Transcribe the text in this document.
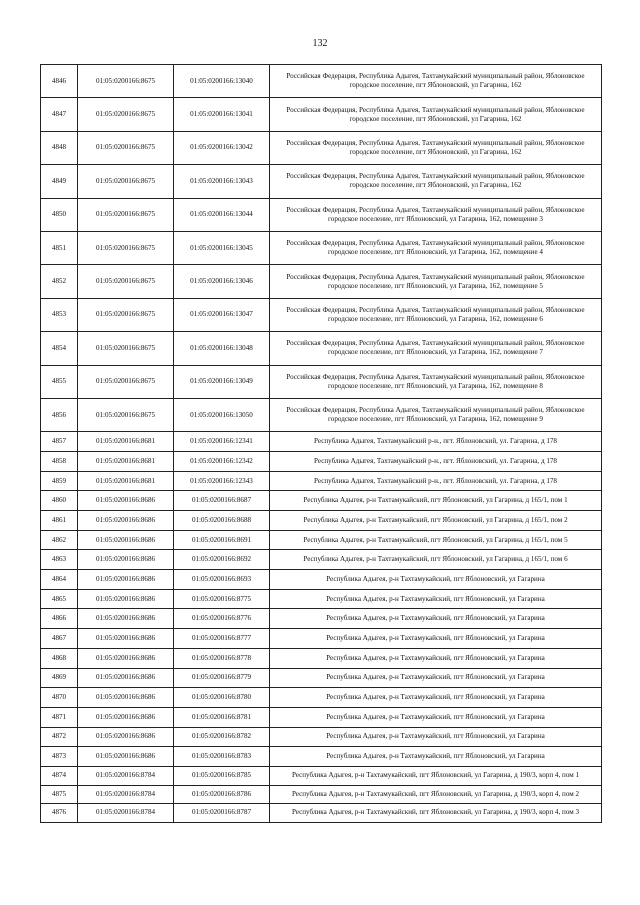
132
4846	01:05:0200166:8675	01:05:0200166:13040	Российская Федерация, Республика Адыгея, Тахтамукайский муниципальный район, Яблоновское городское поселение, пгт Яблоновский, ул Гагарина, 162
4847	01:05:0200166:8675	01:05:0200166:13041	Российская Федерация, Республика Адыгея, Тахтамукайский муниципальный район, Яблоновское городское поселение, пгт Яблоновский, ул Гагарина, 162
4848	01:05:0200166:8675	01:05:0200166:13042	Российская Федерация, Республика Адыгея, Тахтамукайский муниципальный район, Яблоновское городское поселение, пгт Яблоновский, ул Гагарина, 162
4849	01:05:0200166:8675	01:05:0200166:13043	Российская Федерация, Республика Адыгея, Тахтамукайский муниципальный район, Яблоновское городское поселение, пгт Яблоновский, ул Гагарина, 162
4850	01:05:0200166:8675	01:05:0200166:13044	Российская Федерация, Республика Адыгея, Тахтамукайский муниципальный район, Яблоновское городское поселение, пгт Яблоновский, ул Гагарина, 162, помещение 3
4851	01:05:0200166:8675	01:05:0200166:13045	Российская Федерация, Республика Адыгея, Тахтамукайский муниципальный район, Яблоновское городское поселение, пгт Яблоновский, ул Гагарина, 162, помещение 4
4852	01:05:0200166:8675	01:05:0200166:13046	Российская Федерация, Республика Адыгея, Тахтамукайский муниципальный район, Яблоновское городское поселение, пгт Яблоновский, ул Гагарина, 162, помещение 5
4853	01:05:0200166:8675	01:05:0200166:13047	Российская Федерация, Республика Адыгея, Тахтамукайский муниципальный район, Яблоновское городское поселение, пгт Яблоновский, ул Гагарина, 162, помещение 6
4854	01:05:0200166:8675	01:05:0200166:13048	Российская Федерация, Республика Адыгея, Тахтамукайский муниципальный район, Яблоновское городское поселение, пгт Яблоновский, ул Гагарина, 162, помещение 7
4855	01:05:0200166:8675	01:05:0200166:13049	Российская Федерация, Республика Адыгея, Тахтамукайский муниципальный район, Яблоновское городское поселение, пгт Яблоновский, ул Гагарина, 162, помещение 8
4856	01:05:0200166:8675	01:05:0200166:13050	Российская Федерация, Республика Адыгея, Тахтамукайский муниципальный район, Яблоновское городское поселение, пгт Яблоновский, ул Гагарина, 162, помещение 9
4857	01:05:0200166:8681	01:05:0200166:12341	Республика Адыгея, Тахтамукайский р-н., пгт. Яблоновский, ул. Гагарина, д 178
4858	01:05:0200166:8681	01:05:0200166:12342	Республика Адыгея, Тахтамукайский р-н., пгт. Яблоновский, ул. Гагарина, д 178
4859	01:05:0200166:8681	01:05:0200166:12343	Республика Адыгея, Тахтамукайский р-н., пгт. Яблоновский, ул. Гагарина, д 178
4860	01:05:0200166:8686	01:05:0200166:8687	Республика Адыгея, р-н Тахтамукайский, пгт Яблоновский, ул Гагарина, д 165/1, пом 1
4861	01:05:0200166:8686	01:05:0200166:8688	Республика Адыгея, р-н Тахтамукайский, пгт Яблоновский, ул Гагарина, д 165/1, пом 2
4862	01:05:0200166:8686	01:05:0200166:8691	Республика Адыгея, р-н Тахтамукайский, пгт Яблоновский, ул Гагарина, д 165/1, пом 5
4863	01:05:0200166:8686	01:05:0200166:8692	Республика Адыгея, р-н Тахтамукайский, пгт Яблоновский, ул Гагарина, д 165/1, пом 6
4864	01:05:0200166:8686	01:05:0200166:8693	Республика Адыгея, р-н Тахтамукайский, пгт Яблоновский, ул Гагарина
4865	01:05:0200166:8686	01:05:0200166:8775	Республика Адыгея, р-н Тахтамукайский, пгт Яблоновский, ул Гагарина
4866	01:05:0200166:8686	01:05:0200166:8776	Республика Адыгея, р-н Тахтамукайский, пгт Яблоновский, ул Гагарина
4867	01:05:0200166:8686	01:05:0200166:8777	Республика Адыгея, р-н Тахтамукайский, пгт Яблоновский, ул Гагарина
4868	01:05:0200166:8686	01:05:0200166:8778	Республика Адыгея, р-н Тахтамукайский, пгт Яблоновский, ул Гагарина
4869	01:05:0200166:8686	01:05:0200166:8779	Республика Адыгея, р-н Тахтамукайский, пгт Яблоновский, ул Гагарина
4870	01:05:0200166:8686	01:05:0200166:8780	Республика Адыгея, р-н Тахтамукайский, пгт Яблоновский, ул Гагарина
4871	01:05:0200166:8686	01:05:0200166:8781	Республика Адыгея, р-н Тахтамукайский, пгт Яблоновский, ул Гагарина
4872	01:05:0200166:8686	01:05:0200166:8782	Республика Адыгея, р-н Тахтамукайский, пгт Яблоновский, ул Гагарина
4873	01:05:0200166:8686	01:05:0200166:8783	Республика Адыгея, р-н Тахтамукайский, пгт Яблоновский, ул Гагарина
4874	01:05:0200166:8784	01:05:0200166:8785	Республика Адыгея, р-н Тахтамукайский, пгт Яблоновский, ул Гагарина, д 190/3, корп 4, пом 1
4875	01:05:0200166:8784	01:05:0200166:8786	Республика Адыгея, р-н Тахтамукайский, пгт Яблоновский, ул Гагарина, д 190/3, корп 4, пом 2
4876	01:05:0200166:8784	01:05:0200166:8787	Республика Адыгея, р-н Тахтамукайский, пгт Яблоновский, ул Гагарина, д 190/3, корп 4, пом 3
